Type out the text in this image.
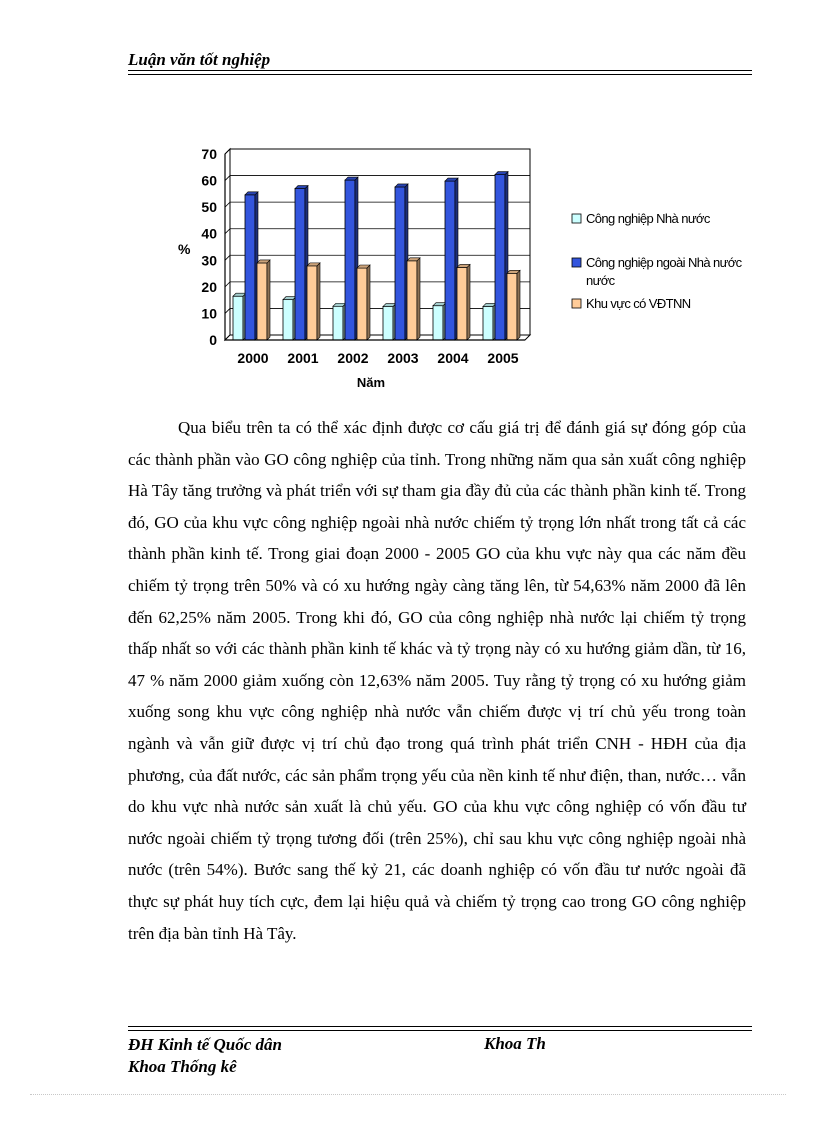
Luận văn tốt nghiệp
0
10
20
30
40
50
60
70
2000 2001 2002 2003 2004 2005
%
Năm
Công nghiệp Nhà nước
Công nghiệp ngoài Nhà nước
nước
Khu vực có VĐTNN

Qua biểu trên ta có thể xác định được cơ cấu giá trị để đánh giá sự đóng góp của các thành phần vào GO công nghiệp của tỉnh. Trong những năm qua sản xuất công nghiệp Hà Tây tăng trưởng và phát triển với sự tham gia đầy đủ của các thành phần kinh tế. Trong đó, GO của khu vực công nghiệp ngoài nhà nước chiếm tỷ trọng lớn nhất trong tất cả các thành phần kinh tế. Trong giai đoạn 2000 - 2005 GO của khu vực này qua các năm đều chiếm tỷ trọng trên 50% và có xu hướng ngày càng tăng lên, từ 54,63% năm 2000 đã lên đến 62,25% năm 2005. Trong khi đó, GO của công nghiệp nhà nước lại chiếm tỷ trọng thấp nhất so với các thành phần kinh tế khác và tỷ trọng này có xu hướng giảm dần, từ 16, 47 % năm 2000 giảm xuống còn 12,63% năm 2005. Tuy rằng tỷ trọng có xu hướng giảm xuống song khu vực công nghiệp nhà nước vẫn chiếm được vị trí chủ yếu trong toàn ngành và vẫn giữ được vị trí chủ đạo trong quá trình phát triển CNH - HĐH của địa phương, của đất nước, các sản phẩm trọng yếu của nền kinh tế như điện, than, nước… vẫn do khu vực nhà nước sản xuất là chủ yếu. GO của khu vực công nghiệp có vốn đầu tư nước ngoài chiếm tỷ trọng tương đối (trên 25%), chỉ sau khu vực công nghiệp ngoài nhà nước (trên 54%). Bước sang thế kỷ 21, các doanh nghiệp có vốn đầu tư nước ngoài đã thực sự phát huy tích cực, đem lại hiệu quả và chiếm tỷ trọng cao trong GO công nghiệp trên địa bàn tỉnh Hà Tây.

ĐH Kinh tế Quốc dân
Khoa Thống kê
Khoa Th
